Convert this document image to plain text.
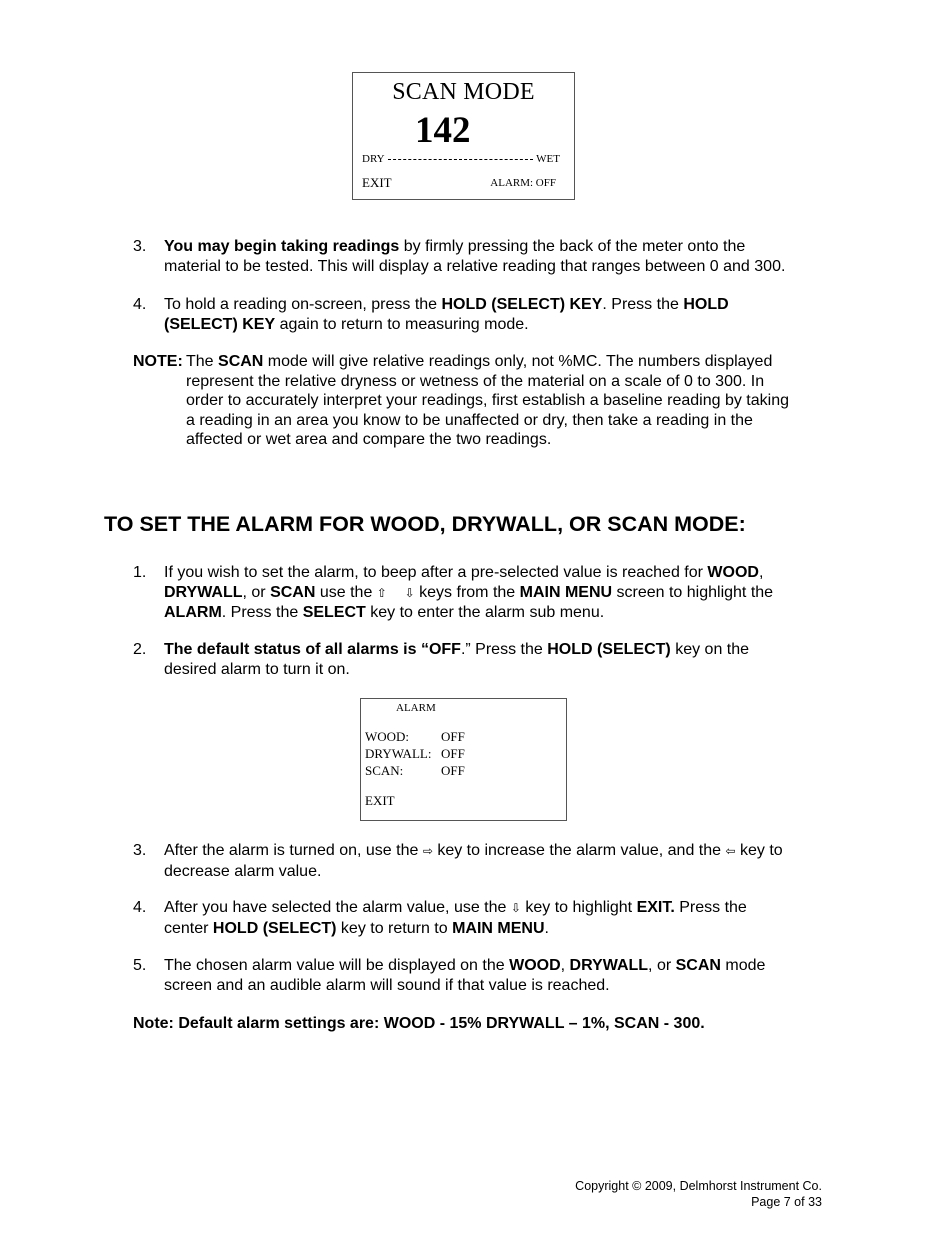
SCAN MODE
142
DRY	WET
EXIT	ALARM: OFF
3. You may begin taking readings by firmly pressing the back of the meter onto the
material to be tested. This will display a relative reading that ranges between 0 and 300.
4. To hold a reading on-screen, press the HOLD (SELECT) KEY. Press the HOLD
(SELECT) KEY again to return to measuring mode.
NOTE: The SCAN mode will give relative readings only, not %MC. The numbers displayed
represent the relative dryness or wetness of the material on a scale of 0 to 300. In
order to accurately interpret your readings, first establish a baseline reading by taking
a reading in an area you know to be unaffected or dry, then take a reading in the
affected or wet area and compare the two readings.
TO SET THE ALARM FOR WOOD, DRYWALL, OR SCAN MODE:
1. If you wish to set the alarm, to beep after a pre-selected value is reached for WOOD,
DRYWALL, or SCAN use the ⇧ ⇩ keys from the MAIN MENU screen to highlight the
ALARM. Press the SELECT key to enter the alarm sub menu.
2. The default status of all alarms is “OFF.” Press the HOLD (SELECT) key on the
desired alarm to turn it on.
ALARM
WOOD: OFF
DRYWALL: OFF
SCAN:	OFF
EXIT
3. After the alarm is turned on, use the ⇨ key to increase the alarm value, and the ⇦ key to
decrease alarm value.
4. After you have selected the alarm value, use the ⇩ key to highlight EXIT. Press the
center HOLD (SELECT) key to return to MAIN MENU.
5. The chosen alarm value will be displayed on the WOOD, DRYWALL, or SCAN mode
screen and an audible alarm will sound if that value is reached.
Note: Default alarm settings are: WOOD - 15% DRYWALL – 1%, SCAN - 300.
Copyright © 2009, Delmhorst Instrument Co.
Page 7 of 33
